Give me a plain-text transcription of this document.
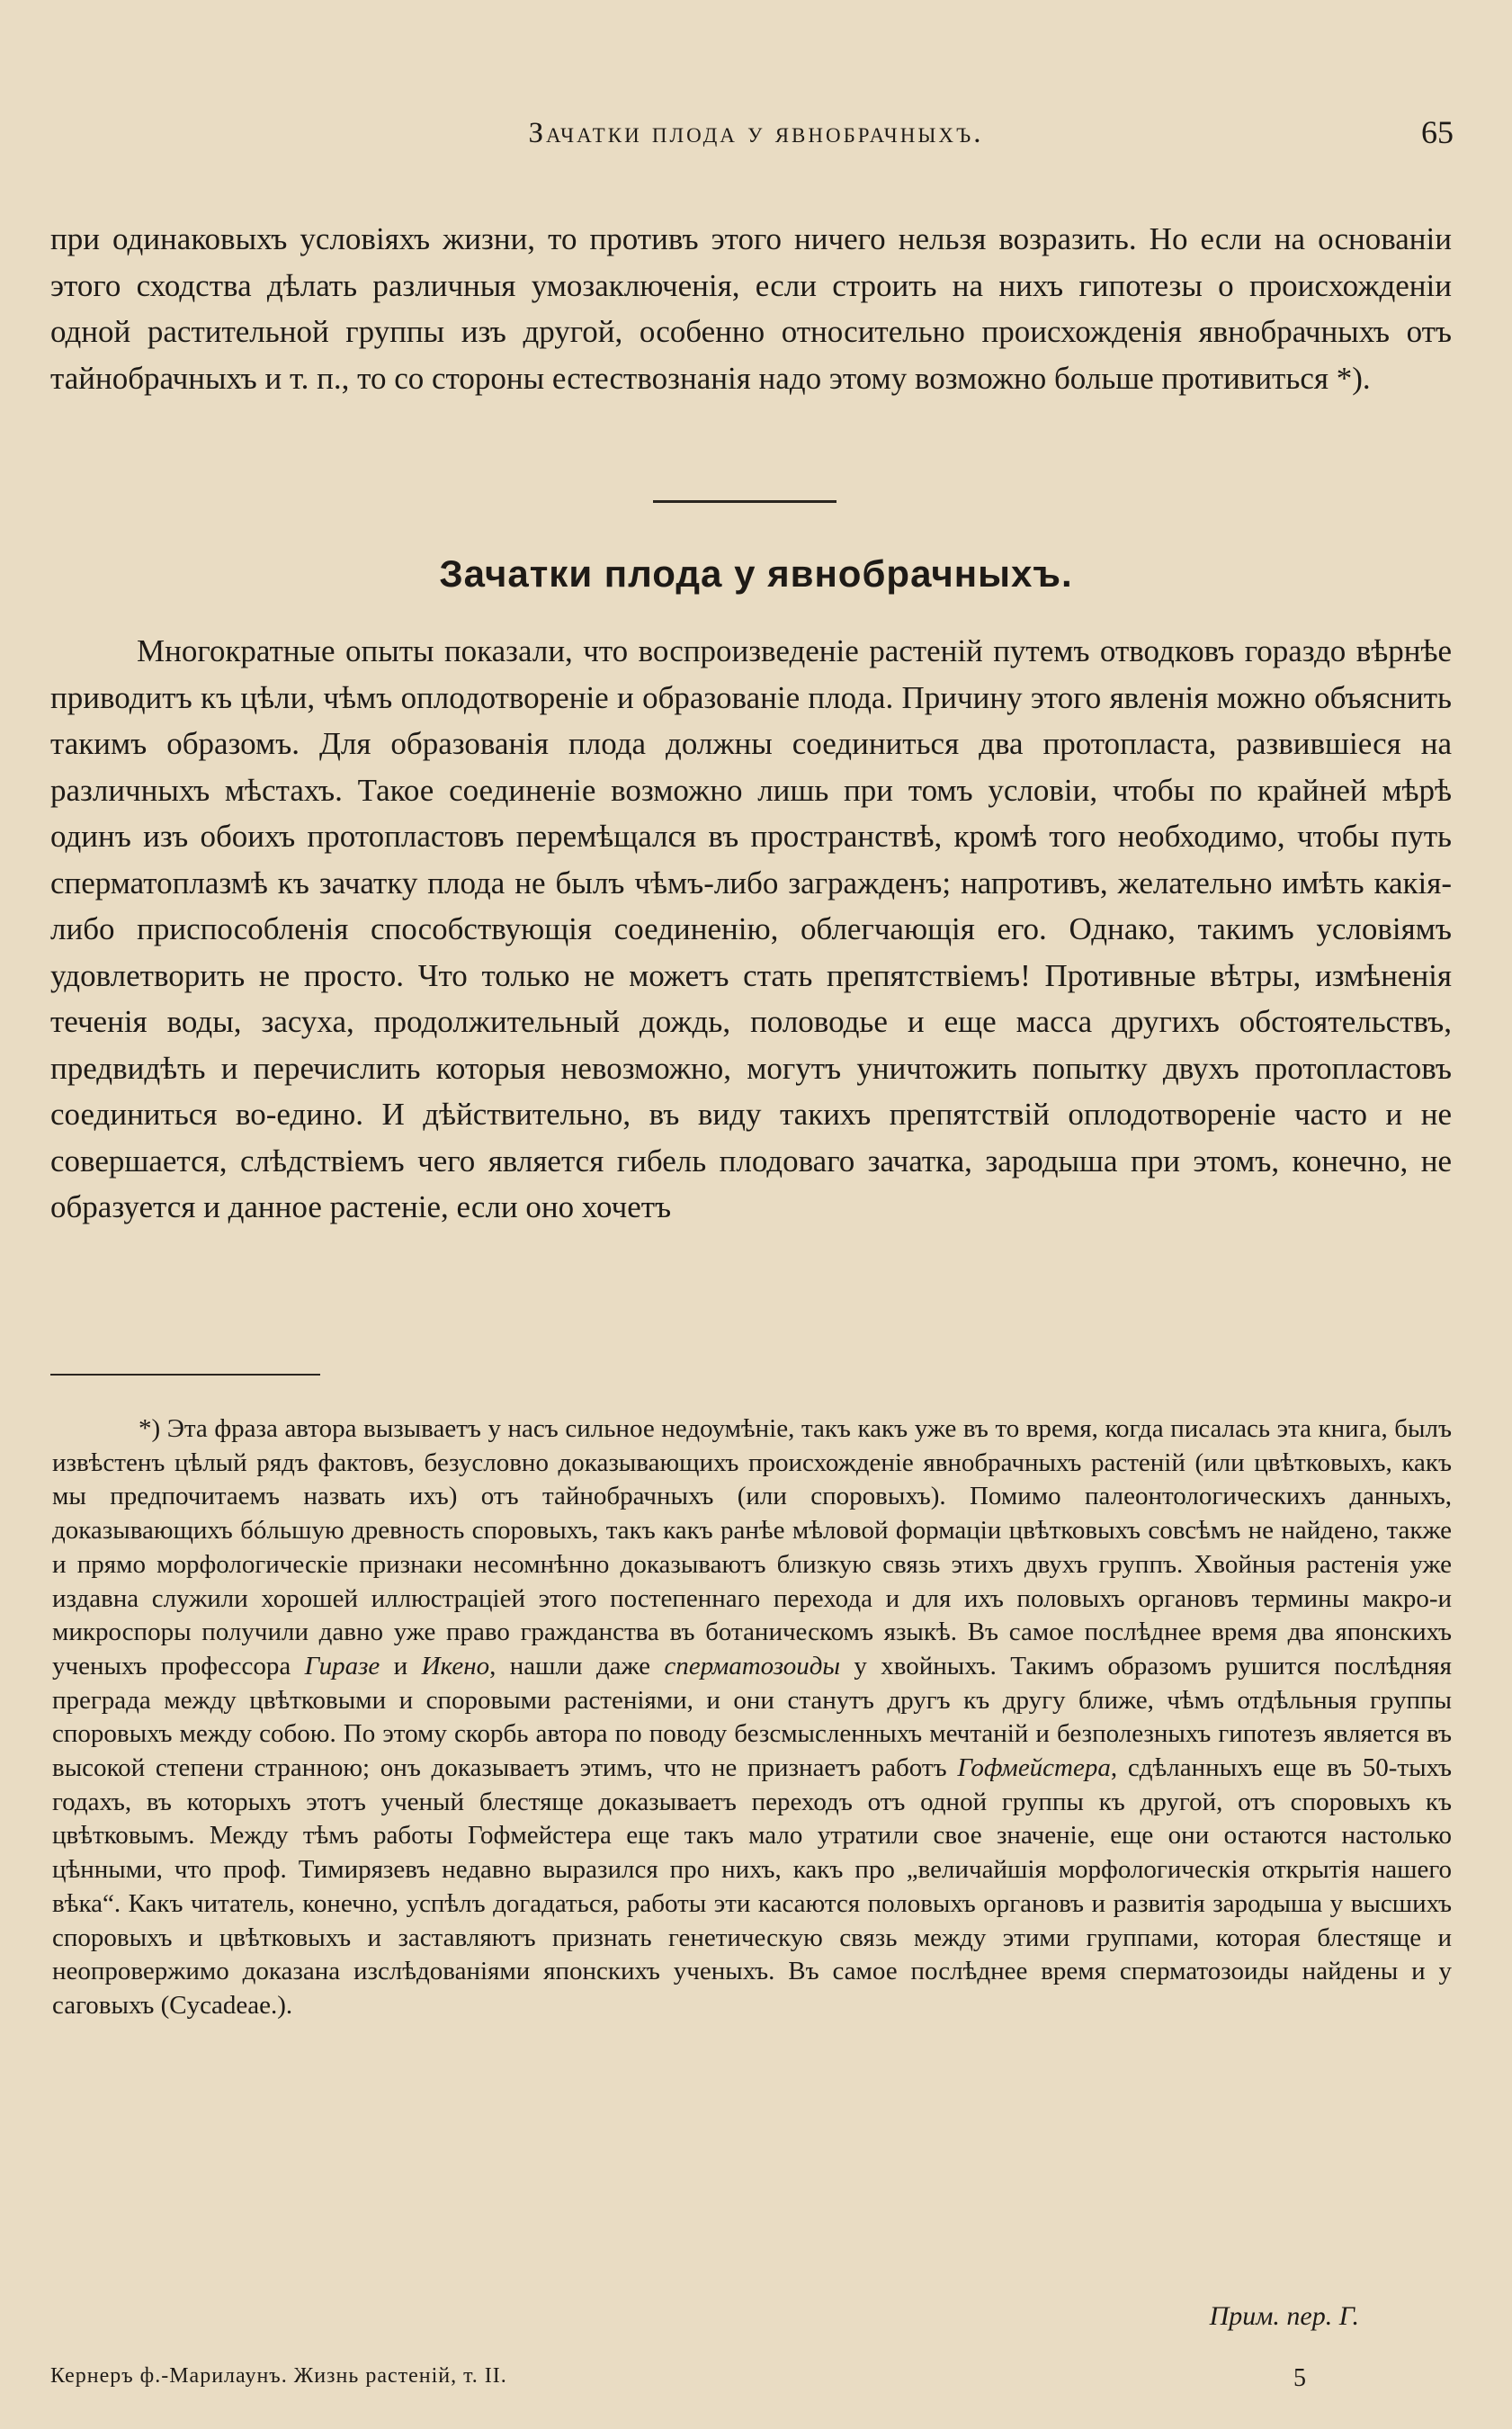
Зачатки плода у явнобрачныхъ.	65

при одинаковыхъ условіяхъ жизни, то противъ этого ничего нельзя возразить. Но если на основаніи этого сходства дѣлать различныя умозаключенія, если строить на нихъ гипотезы о происхожденіи одной растительной группы изъ другой, особенно относительно происхожденія явнобрачныхъ отъ тайнобрачныхъ и т. п., то со стороны естествознанія надо этому возможно больше противиться *).

Зачатки плода у явнобрачныхъ.

Многократные опыты показали, что воспроизведеніе растеній путемъ отводковъ гораздо вѣрнѣе приводитъ къ цѣли, чѣмъ оплодотвореніе и образованіе плода. Причину этого явленія можно объяснить такимъ образомъ. Для образованія плода должны соединиться два протопласта, развившіеся на различныхъ мѣстахъ. Такое соединеніе возможно лишь при томъ условіи, чтобы по крайней мѣрѣ одинъ изъ обоихъ протопластовъ перемѣщался въ пространствѣ, кромѣ того необходимо, чтобы путь сперматоплазмѣ къ зачатку плода не былъ чѣмъ-либо загражденъ; напротивъ, желательно имѣть какія-либо приспособленія способствующія соединенію, облегчающія его. Однако, такимъ условіямъ удовлетворить не просто. Что только не можетъ стать препятствіемъ! Противные вѣтры, измѣненія теченія воды, засуха, продолжительный дождь, половодье и еще масса другихъ обстоятельствъ, предвидѣть и перечислить которыя невозможно, могутъ уничтожить попытку двухъ протопластовъ соединиться во-едино. И дѣйствительно, въ виду такихъ препятствій оплодотвореніе часто и не совершается, слѣдствіемъ чего является гибель плодоваго зачатка, зародыша при этомъ, конечно, не образуется и данное растеніе, если оно хочетъ

*) Эта фраза автора вызываетъ у насъ сильное недоумѣніе, такъ какъ уже въ то время, когда писалась эта книга, былъ извѣстенъ цѣлый рядъ фактовъ, безусловно доказывающихъ происхожденіе явнобрачныхъ растеній (или цвѣтковыхъ, какъ мы предпочитаемъ назвать ихъ) отъ тайнобрачныхъ (или споровыхъ). Помимо палеонтологическихъ данныхъ, доказывающихъ бóльшую древность споровыхъ, такъ какъ ранѣе мѣловой формаціи цвѣтковыхъ совсѣмъ не найдено, также и прямо морфологическіе признаки несомнѣнно доказываютъ близкую связь этихъ двухъ группъ. Хвойныя растенія уже издавна служили хорошей иллюстраціей этого постепеннаго перехода и для ихъ половыхъ органовъ термины макро-и микроспоры получили давно уже право гражданства въ ботаническомъ языкѣ. Въ самое послѣднее время два японскихъ ученыхъ профессора Гиразе и Икено, нашли даже сперматозоиды у хвойныхъ. Такимъ образомъ рушится послѣдняя преграда между цвѣтковыми и споровыми растеніями, и они станутъ другъ къ другу ближе, чѣмъ отдѣльныя группы споровыхъ между собою. По этому скорбь автора по поводу безсмысленныхъ мечтаній и безполезныхъ гипотезъ является въ высокой степени странною; онъ доказываетъ этимъ, что не признаетъ работъ Гофмейстера, сдѣланныхъ еще въ 50-тыхъ годахъ, въ которыхъ этотъ ученый блестяще доказываетъ переходъ отъ одной группы къ другой, отъ споровыхъ къ цвѣтковымъ. Между тѣмъ работы Гофмейстера еще такъ мало утратили свое значеніе, еще они остаются настолько цѣнными, что проф. Тимирязевъ недавно выразился про нихъ, какъ про „величайшія морфологическія открытія нашего вѣка“. Какъ читатель, конечно, успѣлъ догадаться, работы эти касаются половыхъ органовъ и развитія зародыша у высшихъ споровыхъ и цвѣтковыхъ и заставляютъ признать генетическую связь между этими группами, которая блестяще и неопровержимо доказана изслѣдованіями японскихъ ученыхъ. Въ самое послѣднее время сперматозоиды найдены и у саговыхъ (Cycadeae.).

Прим. пер. Г.
Кернеръ ф.-Марилаунъ. Жизнь растеній, т. II.	5
